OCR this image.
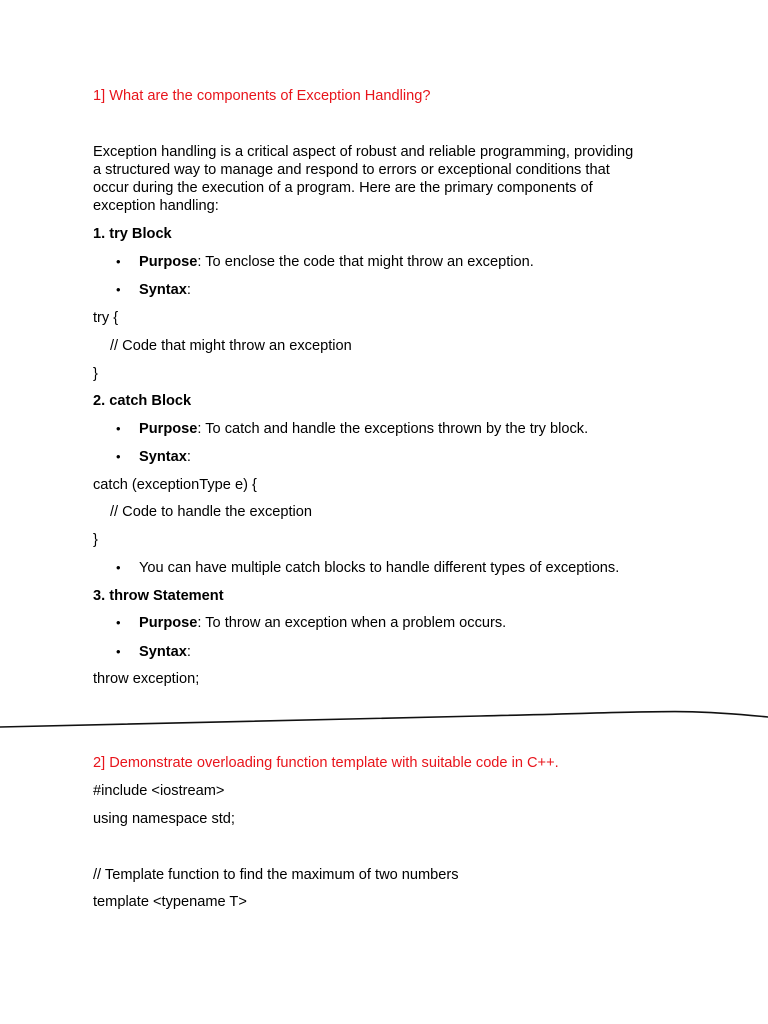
1] What are the components of Exception Handling?

Exception handling is a critical aspect of robust and reliable programming, providing
a structured way to manage and respond to errors or exceptional conditions that
occur during the execution of a program. Here are the primary components of
exception handling:

1. try Block

• Purpose: To enclose the code that might throw an exception.

• Syntax:

try {

// Code that might throw an exception

}

2. catch Block

• Purpose: To catch and handle the exceptions thrown by the try block.

• Syntax:

catch (exceptionType e) {

// Code to handle the exception

}

• You can have multiple catch blocks to handle different types of exceptions.

3. throw Statement

• Purpose: To throw an exception when a problem occurs.

• Syntax:

throw exception;

2] Demonstrate overloading function template with suitable code in C++.

#include <iostream>

using namespace std;

// Template function to find the maximum of two numbers

template <typename T>
